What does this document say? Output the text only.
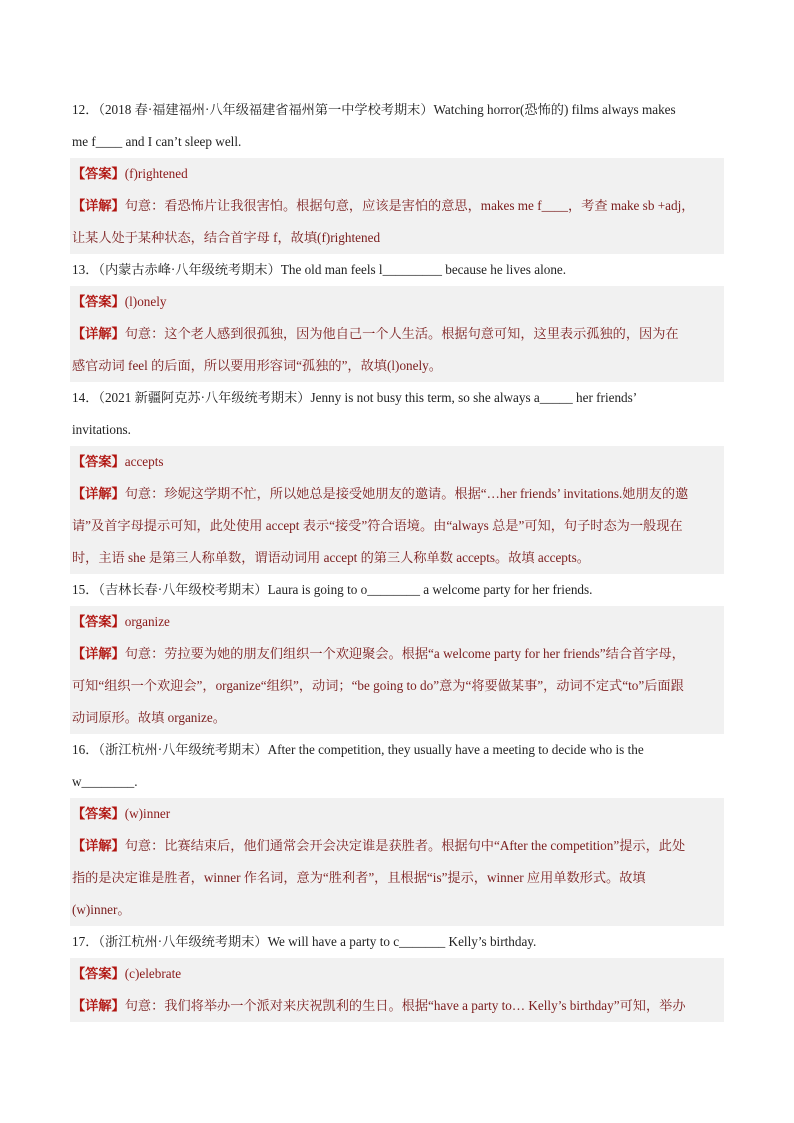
12．（2018 春·福建福州·八年级福建省福州第一中学校考期末）Watching horror(恐怖的) films always makes
me f____ and I can’t sleep well.
【答案】(f)rightened
【详解】句意：看恐怖片让我很害怕。根据句意，应该是害怕的意思，makes me f____，考查 make sb +adj，
让某人处于某种状态，结合首字母 f，故填(f)rightened
13．（内蒙古赤峰·八年级统考期末）The old man feels l_________ because he lives alone.
【答案】(l)onely
【详解】句意：这个老人感到很孤独，因为他自己一个人生活。根据句意可知，这里表示孤独的，因为在
感官动词 feel 的后面，所以要用形容词“孤独的”，故填(l)onely。
14．（2021 新疆阿克苏·八年级统考期末）Jenny is not busy this term, so she always a_____ her friends’
invitations.
【答案】accepts
【详解】句意：珍妮这学期不忙，所以她总是接受她朋友的邀请。根据“…her friends’ invitations.她朋友的邀
请”及首字母提示可知，此处使用 accept 表示“接受”符合语境。由“always 总是”可知，句子时态为一般现在
时，主语 she 是第三人称单数，谓语动词用 accept 的第三人称单数 accepts。故填 accepts。
15．（吉林长春·八年级校考期末）Laura is going to o________ a welcome party for her friends.
【答案】organize
【详解】句意：劳拉要为她的朋友们组织一个欢迎聚会。根据“a welcome party for her friends”结合首字母，
可知“组织一个欢迎会”，organize“组织”，动词；“be going to do”意为“将要做某事”，动词不定式“to”后面跟
动词原形。故填 organize。
16．（浙江杭州·八年级统考期末）After the competition, they usually have a meeting to decide who is the
w________.
【答案】(w)inner
【详解】句意：比赛结束后，他们通常会开会决定谁是获胜者。根据句中“After the competition”提示，此处
指的是决定谁是胜者，winner 作名词，意为“胜利者”，且根据“is”提示，winner 应用单数形式。故填
(w)inner。
17．（浙江杭州·八年级统考期末）We will have a party to c_______ Kelly’s birthday.
【答案】(c)elebrate
【详解】句意：我们将举办一个派对来庆祝凯利的生日。根据“have a party to… Kelly’s birthday”可知，举办
